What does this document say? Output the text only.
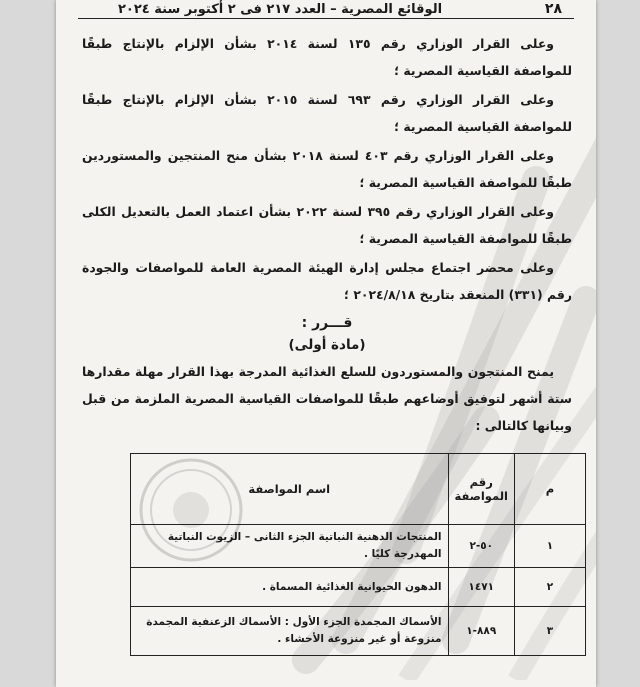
٢٨
الوقائع المصرية – العدد ٢١٧ فى ٢ أكتوبر سنة ٢٠٢٤

وعلى القرار الوزاري رقم ١٣٥ لسنة ٢٠١٤ بشأن الإلزام بالإنتاج طبقًا للمواصفة القياسية المصرية ؛

وعلى القرار الوزاري رقم ٦٩٣ لسنة ٢٠١٥ بشأن الإلزام بالإنتاج طبقًا للمواصفة القياسية المصرية ؛

وعلى القرار الوزاري رقم ٤٠٣ لسنة ٢٠١٨ بشأن منح المنتجين والمستوردين طبقًا للمواصفة القياسية المصرية ؛

وعلى القرار الوزاري رقم ٣٩٥ لسنة ٢٠٢٢ بشأن اعتماد العمل بالتعديل الكلى طبقًا للمواصفة القياسية المصرية ؛

وعلى محضر اجتماع مجلس إدارة الهيئة المصرية العامة للمواصفات والجودة رقم (٣٣١) المنعقد بتاريخ ٢٠٢٤/٨/١٨ ؛

قـــرر :
(مادة أولى)

يمنح المنتجون والمستوردون للسلع الغذائية المدرجة بهذا القرار مهلة مقدارها ستة أشهر لتوفيق أوضاعهم طبقًا للمواصفات القياسية المصرية الملزمة من قبل وبيانها كالتالى :

م	رقم المواصفة	اسم المواصفة
١	٥٠-٢	المنتجات الدهنية النباتية الجزء الثانى – الزيوت النباتية المهدرجة كليًا .
٢	١٤٧١	الدهون الحيوانية الغذائية المسماة .
٣	٨٨٩-١	الأسماك المجمدة الجزء الأول : الأسماك الزعنفية المجمدة منزوعة أو غير منزوعة الأحشاء .
